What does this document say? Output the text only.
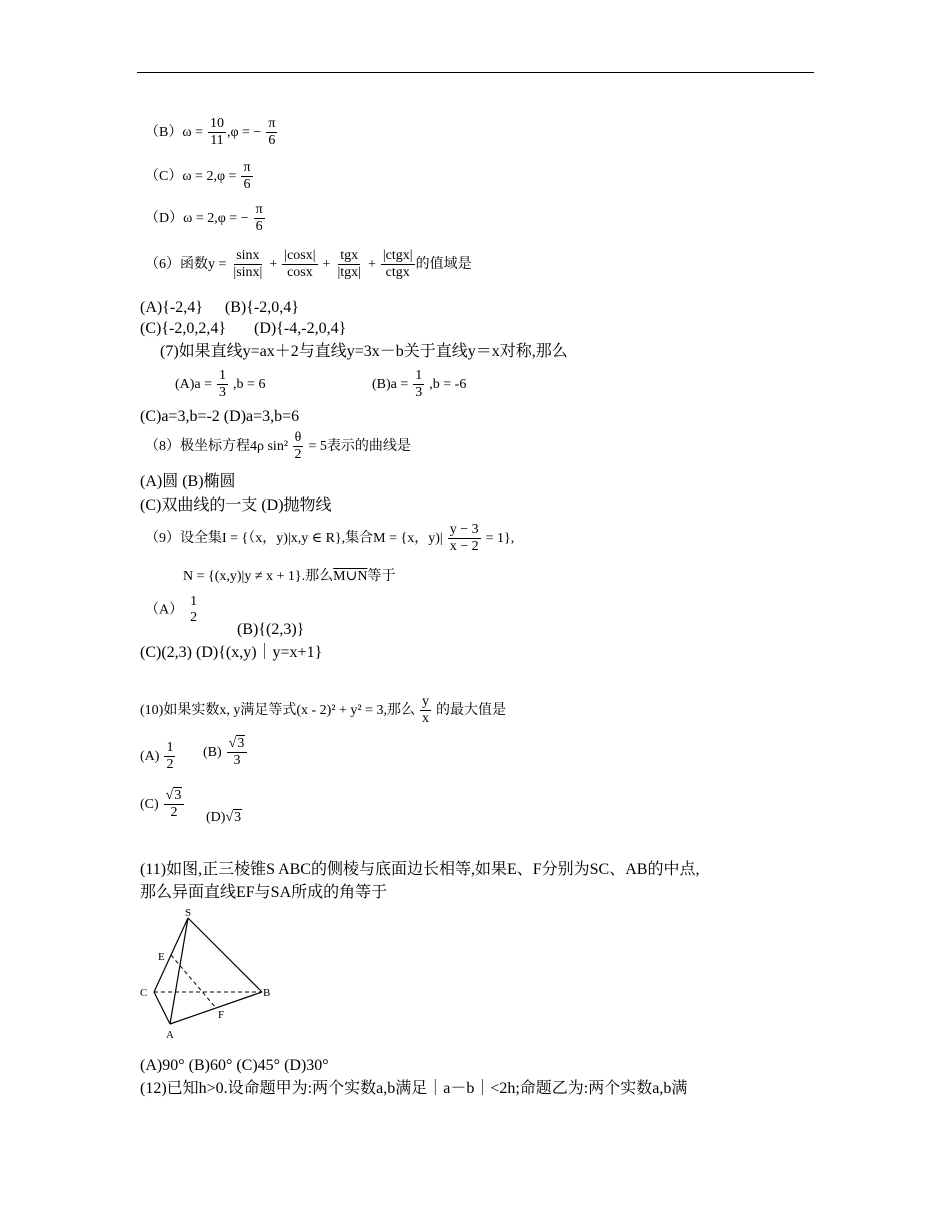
$(B)\omega = \frac{10}{11} ,\varphi$ = − $\frac{\pi}{6}$
$(C)\omega = 2,\varphi = \frac{\pi}{6}$
（D）ω = 2,φ = − $\frac{\pi}{6}$
（6）函数$y = \frac{\sin x}{|\sin x|} + \frac{|\cos x|}{\cos x} + \frac{\text{tgx}}{\text{|tgx|}} + \frac{\text{|ctgx|}}{\text{ctgx}}$ 的值域是
(A){-2,4} (B){-2,0,4}
(C){-2,0,2,4} (D){-4,-2,0,4}
(7)如果直线y=ax＋2与直线y=3x－b关于直线y＝x对称,那么
$(A)a = \frac{1}{3} ,b = 6$	$(B)a = \frac{1}{3} ,b = -6$
(C)a=3,b=-2 (D)a=3,b=6
（8）极坐标方程4ρ $\sin^2 \frac{\theta}{2} = 5$表示的曲线是
(A)圆 (B)椭圆
(C)双曲线的一支 (D)抛物线
（9）设全集I = {（x，y)|x,y ∈ R},集合M = {x，$y)| \frac{y - 3}{x - 2} = 1$},
N = {(x,y)|y ≠ x + 1}.那么M∪N等于
（A）
1
2
(B){(2,3)}
(C)(2,3) (D){(x,y)｜y=x+1}
(10)如果实数x, y满足等式(x - 2)² + y² = 3,那么 $\frac{y}{x}$ 的最大值是
$(A) \frac{1}{2} (B) \frac{√3}{3}$
$(C) \frac{√3}{2} (D)√3$
(11)如图,正三棱锥S ABC的侧棱与底面边长相等,如果E、F分别为SC、AB的中点,
那么异面直线EF与SA所成的角等于
S
E
C	B
F
A
(A)90° (B)60° (C)45° (D)30°
(12)已知h>0.设命题甲为:两个实数a,b满足｜a－b｜<2h;命题乙为:两个实数a,b满
